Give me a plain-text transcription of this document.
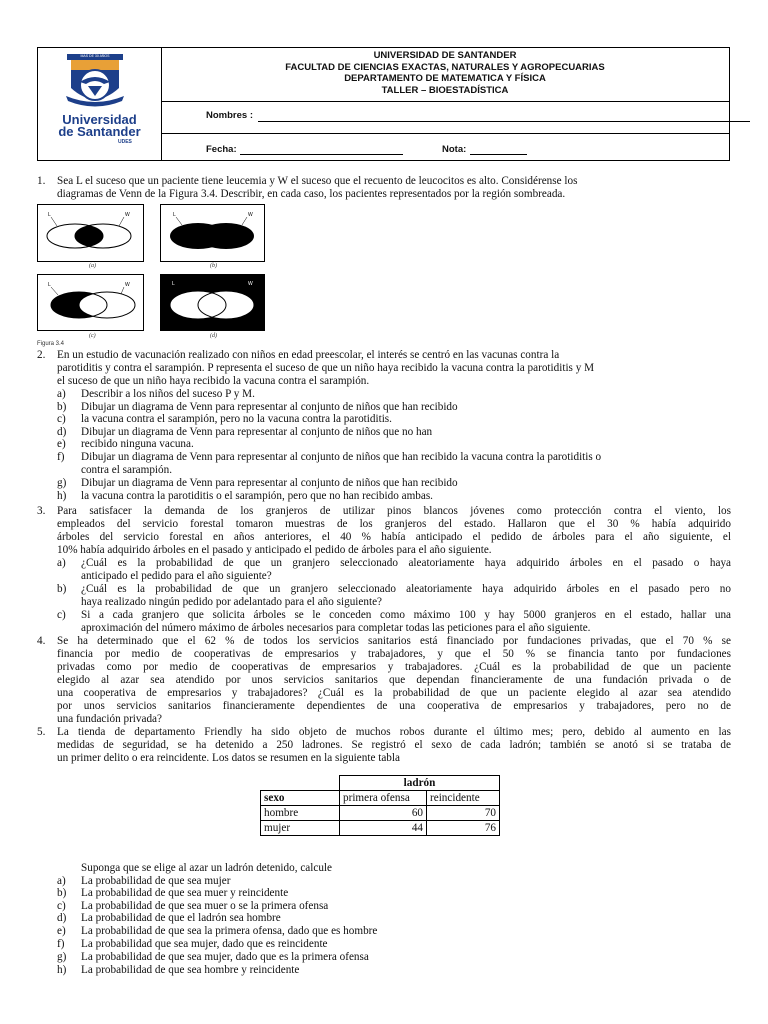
MAS DE 30 AÑOS
Universidad
de Santander
UDES
UNIVERSIDAD DE SANTANDER
FACULTAD DE CIENCIAS EXACTAS, NATURALES Y AGROPECUARIAS
DEPARTAMENTO DE MATEMATICA Y FÍSICA
TALLER – BIOESTADÍSTICA
Nombres :
Fecha:	Nota:
1. Sea L el suceso que un paciente tiene leucemia y W el suceso que el recuento de leucocitos es alto. Considérense los
diagramas de Venn de la Figura 3.4. Describir, en cada caso, los pacientes representados por la región sombreada.
L	W
(a)
L	W
(b)
L	W
(c)
L	W
(d)
Figura 3.4
2. En un estudio de vacunación realizado con niños en edad preescolar, el interés se centró en las vacunas contra la
parotiditis y contra el sarampión. P representa el suceso de que un niño haya recibido la vacuna contra la parotiditis y M
el suceso de que un niño haya recibido la vacuna contra el sarampión.
a) Describir a los niños del suceso P y M.
b) Dibujar un diagrama de Venn para representar al conjunto de niños que han recibido
c) la vacuna contra el sarampión, pero no la vacuna contra la parotiditis.
d) Dibujar un diagrama de Venn para representar al conjunto de niños que no han
e) recibido ninguna vacuna.
f) Dibujar un diagrama de Venn para representar al conjunto de niños que han recibido la vacuna contra la parotiditis o
contra el sarampión.
g) Dibujar un diagrama de Venn para representar al conjunto de niños que han recibido
h) la vacuna contra la parotiditis o el sarampión, pero que no han recibido ambas.
3. Para satisfacer la demanda de los granjeros de utilizar pinos blancos jóvenes como protección contra el viento, los
empleados del servicio forestal tomaron muestras de los granjeros del estado. Hallaron que el 30 % había adquirido
árboles del servicio forestal en años anteriores, el 40 % había anticipado el pedido de árboles para el año siguiente, el
10% había adquirido árboles en el pasado y anticipado el pedido de árboles para el año siguiente.
a) ¿Cuál es la probabilidad de que un granjero seleccionado aleatoriamente haya adquirido árboles en el pasado o haya
anticipado el pedido para el año siguiente?
b) ¿Cuál es la probabilidad de que un granjero seleccionado aleatoriamente haya adquirido árboles en el pasado pero no
haya realizado ningún pedido por adelantado para el año siguiente?
c) Si a cada granjero que solicita árboles se le conceden como máximo 100 y hay 5000 granjeros en el estado, hallar una
aproximación del número máximo de árboles necesarios para completar todas las peticiones para el año siguiente.
4. Se ha determinado que el 62 % de todos los servicios sanitarios está financiado por fundaciones privadas, que el 70 % se
financia por medio de cooperativas de empresarios y trabajadores, y que el 50 % se financia tanto por fundaciones
privadas como por medio de cooperativas de empresarios y trabajadores. ¿Cuál es la probabilidad de que un paciente
elegido al azar sea atendido por unos servicios sanitarios que dependan financieramente de una fundación privada o de
una cooperativa de empresarios y trabajadores? ¿Cuál es la probabilidad de que un paciente elegido al azar sea atendido
por unos servicios sanitarios financieramente dependientes de una cooperativa de empresarios y trabajadores, pero no de
una fundación privada?
5. La tienda de departamento Friendly ha sido objeto de muchos robos durante el último mes; pero, debido al aumento en las
medidas de seguridad, se ha detenido a 250 ladrones. Se registró el sexo de cada ladrón; también se anotó si se trataba de
un primer delito o era reincidente. Los datos se resumen en la siguiente tabla
	ladrón	
sexo	primera ofensa	reincidente
hombre	60	70
mujer	44	76
Suponga que se elige al azar un ladrón detenido, calcule
a) La probabilidad de que sea mujer
b) La probabilidad de que sea muer y reincidente
c) La probabilidad de que sea muer o se la primera ofensa
d) La probabilidad de que el ladrón sea hombre
e) La probabilidad de que sea la primera ofensa, dado que es hombre
f) La probabilidad que sea mujer, dado que es reincidente
g) La probabilidad de que sea mujer, dado que es la primera ofensa
h) La probabilidad de que sea hombre y reincidente
